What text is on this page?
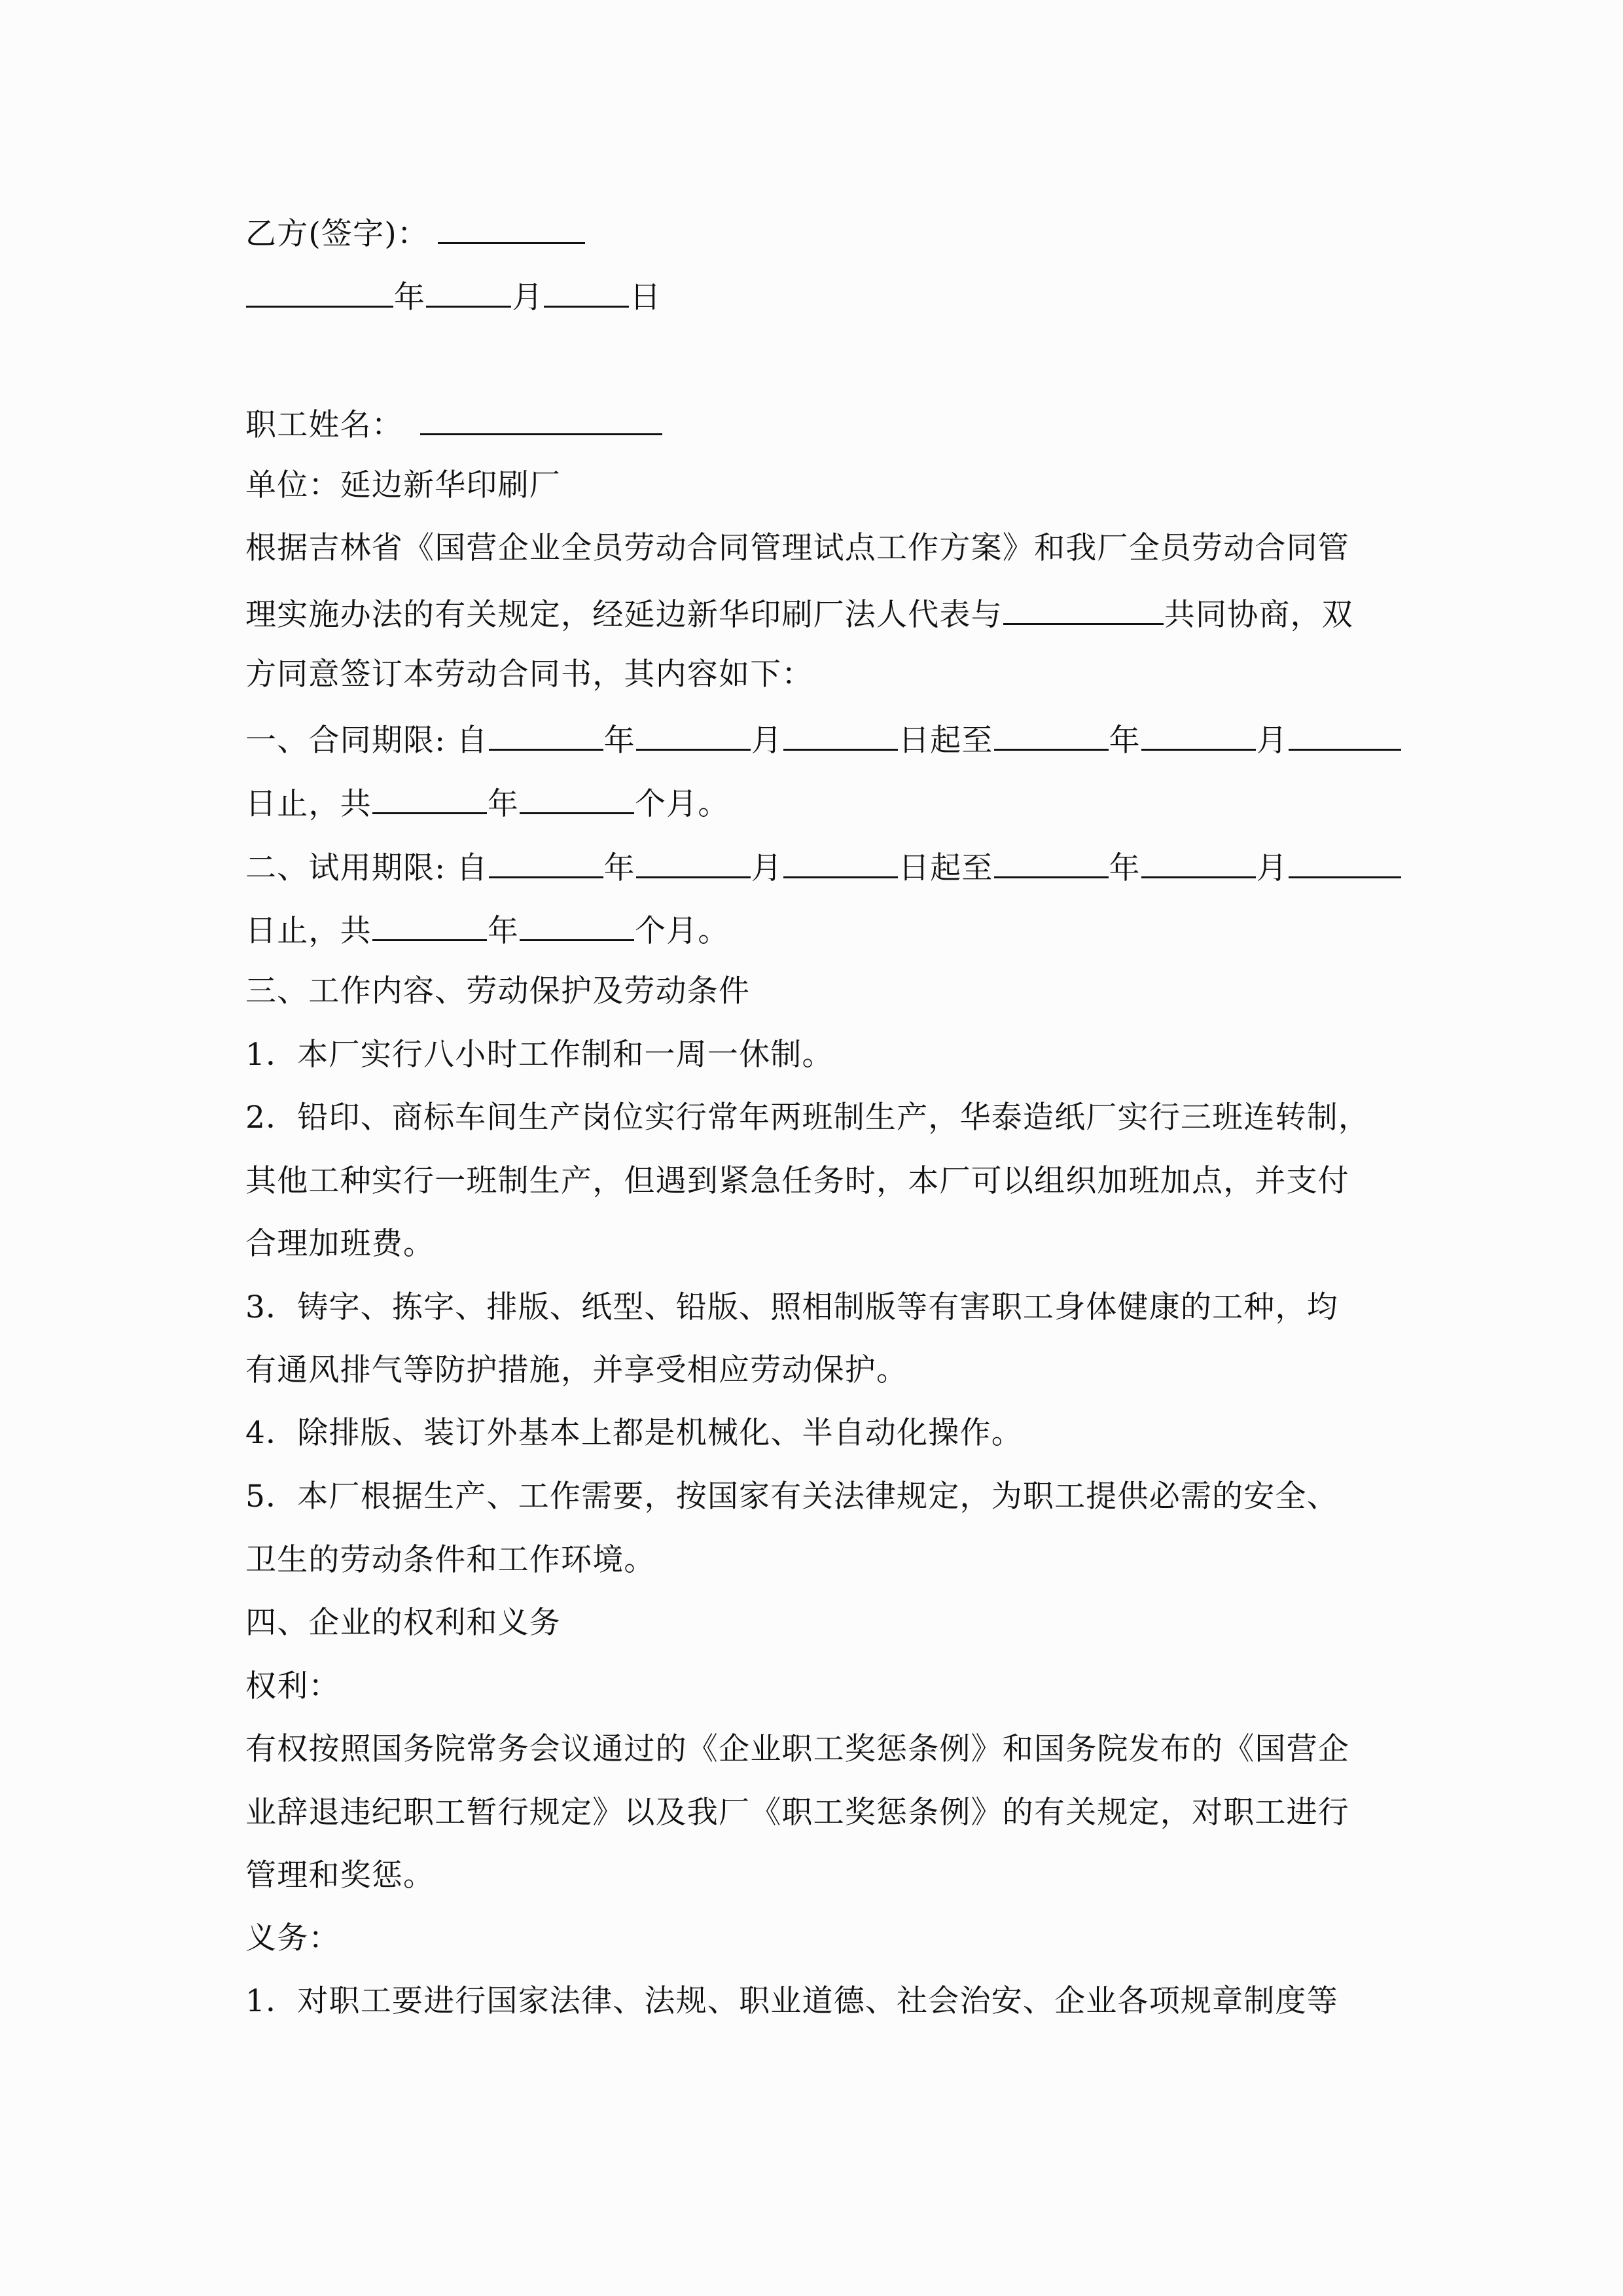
乙方(签字)：
年	月	日
职工姓名：
单位：延边新华印刷厂
根据吉林省《国营企业全员劳动合同管理试点工作方案》和我厂全员劳动合同管
理实施办法的有关规定，经延边新华印刷厂法人代表与	共同协商，双
方同意签订本劳动合同书，其内容如下：
一、合同期限: 自	年	月	日起至	年	月
日止，共	年	个月。
二、试用期限: 自	年	月	日起至	年	月
日止，共	年	个月。
三、工作内容、劳动保护及劳动条件
1．本厂实行八小时工作制和一周一休制。
2．铅印、商标车间生产岗位实行常年两班制生产，华泰造纸厂实行三班连转制，
其他工种实行一班制生产，但遇到紧急任务时，本厂可以组织加班加点，并支付
合理加班费。
3．铸字、拣字、排版、纸型、铅版、照相制版等有害职工身体健康的工种，均
有通风排气等防护措施，并享受相应劳动保护。
4．除排版、装订外基本上都是机械化、半自动化操作。
5．本厂根据生产、工作需要，按国家有关法律规定，为职工提供必需的安全、
卫生的劳动条件和工作环境。
四、企业的权利和义务
权利：
有权按照国务院常务会议通过的《企业职工奖惩条例》和国务院发布的《国营企
业辞退违纪职工暂行规定》以及我厂《职工奖惩条例》的有关规定，对职工进行
管理和奖惩。
义务：
1．对职工要进行国家法律、法规、职业道德、社会治安、企业各项规章制度等
